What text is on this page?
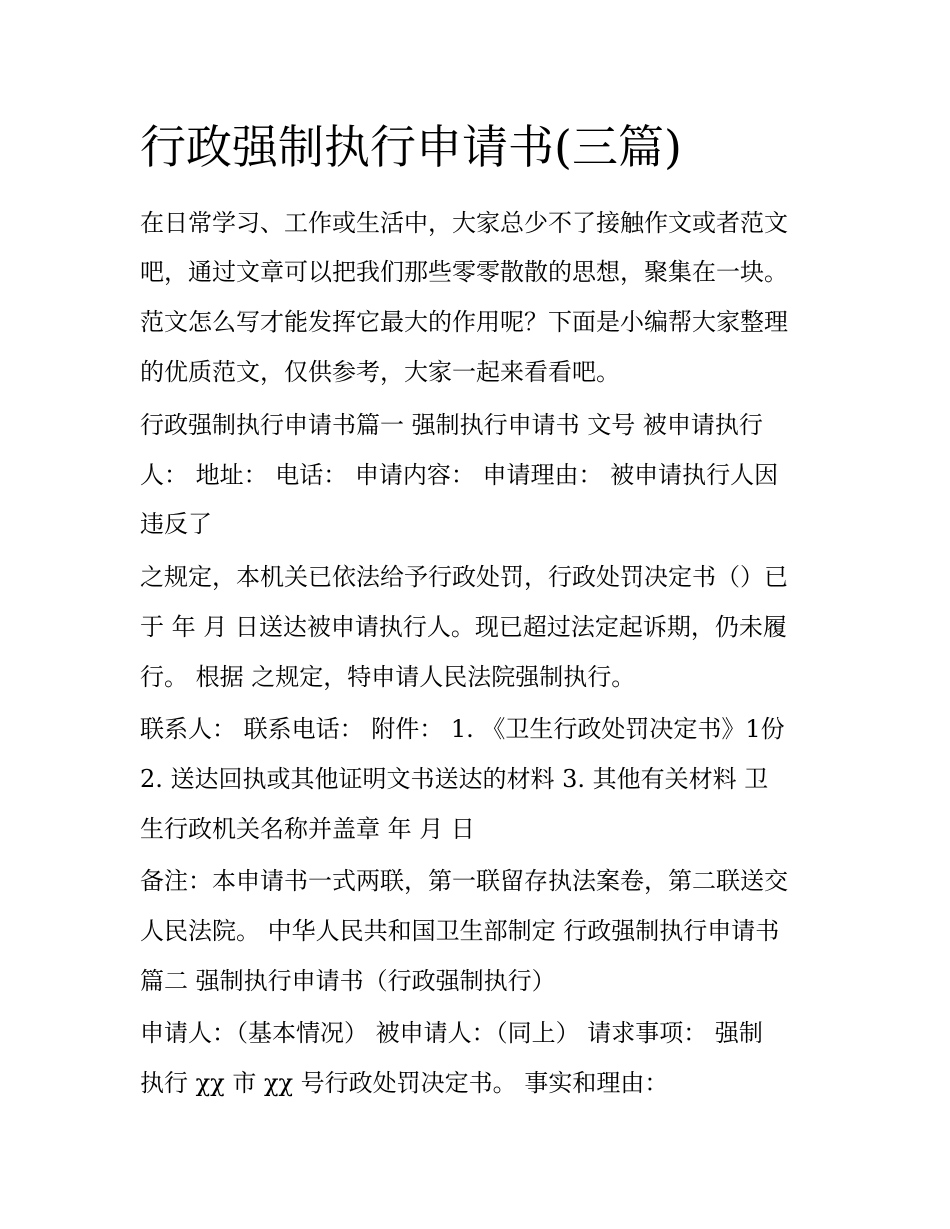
行政强制执行申请书(三篇)
在日常学习、工作或生活中，大家总少不了接触作文或者范文
吧，通过文章可以把我们那些零零散散的思想，聚集在一块。
范文怎么写才能发挥它最大的作用呢？下面是小编帮大家整理
的优质范文，仅供参考，大家一起来看看吧。
行政强制执行申请书篇一 强制执行申请书 文号 被申请执行
人： 地址： 电话： 申请内容： 申请理由： 被申请执行人因
违反了
之规定，本机关已依法给予行政处罚，行政处罚决定书（）已
于 年 月 日送达被申请执行人。现已超过法定起诉期，仍未履
行。 根据 之规定，特申请人民法院强制执行。
联系人： 联系电话： 附件： 1. 《卫生行政处罚决定书》1份
2. 送达回执或其他证明文书送达的材料 3. 其他有关材料 卫
生行政机关名称并盖章 年 月 日
备注：本申请书一式两联，第一联留存执法案卷，第二联送交
人民法院。 中华人民共和国卫生部制定 行政强制执行申请书
篇二 强制执行申请书（行政强制执行）
申请人：（基本情况） 被申请人：（同上） 请求事项： 强制
执行 χχ 市 χχ 号行政处罚决定书。 事实和理由：
